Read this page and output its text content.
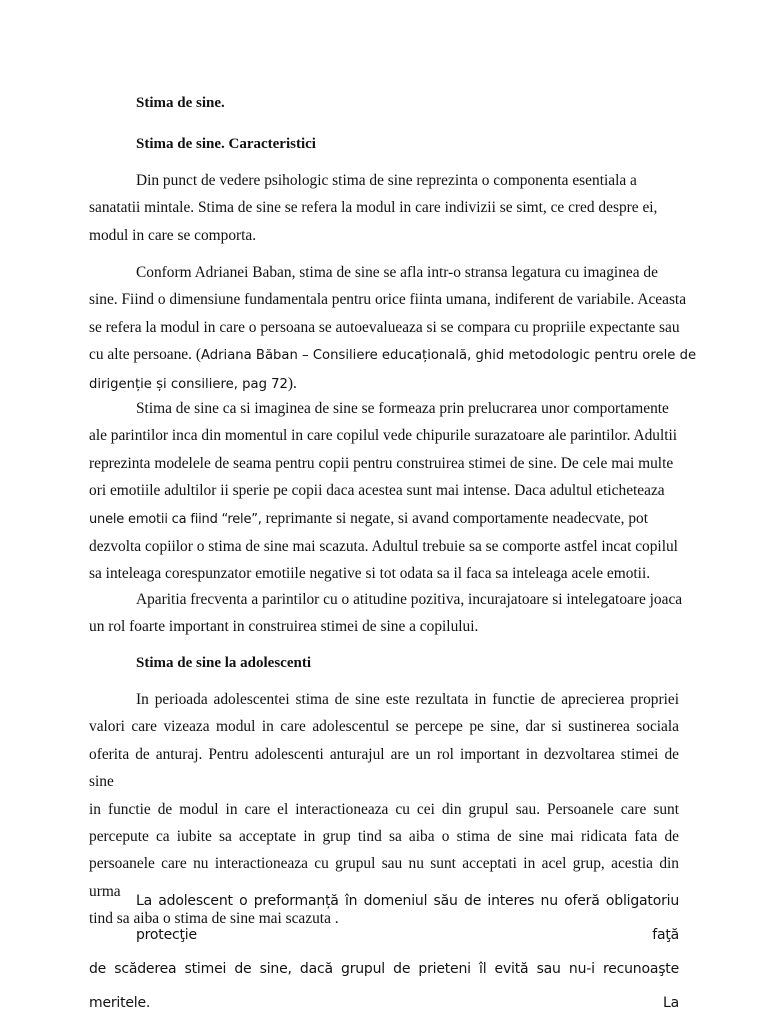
Stima de sine.
Stima de sine. Caracteristici
Din punct de vedere psihologic stima de sine reprezinta o componenta esentiala a
sanatatii mintale. Stima de sine se refera la modul in care indivizii se simt, ce cred despre ei,
modul in care se comporta.
Conform Adrianei Baban, stima de sine se afla intr-o stransa legatura cu imaginea de
sine. Fiind o dimensiune fundamentala pentru orice fiinta umana, indiferent de variabile. Aceasta
se refera la modul in care o persoana se autoevalueaza si se compara cu propriile expectante sau
cu alte persoane. (Adriana Băban – Consiliere educațională, ghid metodologic pentru orele de
dirigenție și consiliere, pag 72).
Stima de sine ca si imaginea de sine se formeaza prin prelucrarea unor comportamente
ale parintilor inca din momentul in care copilul vede chipurile surazatoare ale parintilor. Adultii
reprezinta modelele de seama pentru copii pentru construirea stimei de sine. De cele mai multe
ori emotiile adultilor ii sperie pe copii daca acestea sunt mai intense. Daca adultul eticheteaza
unele emotii ca fiind “rele”, reprimante si negate, si avand comportamente neadecvate, pot
dezvolta copiilor o stima de sine mai scazuta. Adultul trebuie sa se comporte astfel incat copilul
sa inteleaga corespunzator emotiile negative si tot odata sa il faca sa inteleaga acele emotii.
Aparitia frecventa a parintilor cu o atitudine pozitiva, incurajatoare si intelegatoare joaca
un rol foarte important in construirea stimei de sine a copilului.
Stima de sine la adolescenti
In perioada adolescentei stima de sine este rezultata in functie de aprecierea propriei
valori care vizeaza modul in care adolescentul se percepe pe sine, dar si sustinerea sociala
oferita de anturaj. Pentru adolescenti anturajul are un rol important in dezvoltarea stimei de sine
in functie de modul in care el interactioneaza cu cei din grupul sau. Persoanele care sunt
percepute ca iubite sa acceptate in grup tind sa aiba o stima de sine mai ridicata fata de
persoanele care nu interactioneaza cu grupul sau nu sunt acceptati in acel grup, acestia din urma
tind sa aiba o stima de sine mai scazuta .
La adolescent o preformanță în domeniul său de interes nu oferă obligatoriu protecţie faţă
de scăderea stimei de sine, dacă grupul de prieteni îl evită sau nu-i recunoaşte meritele. La
